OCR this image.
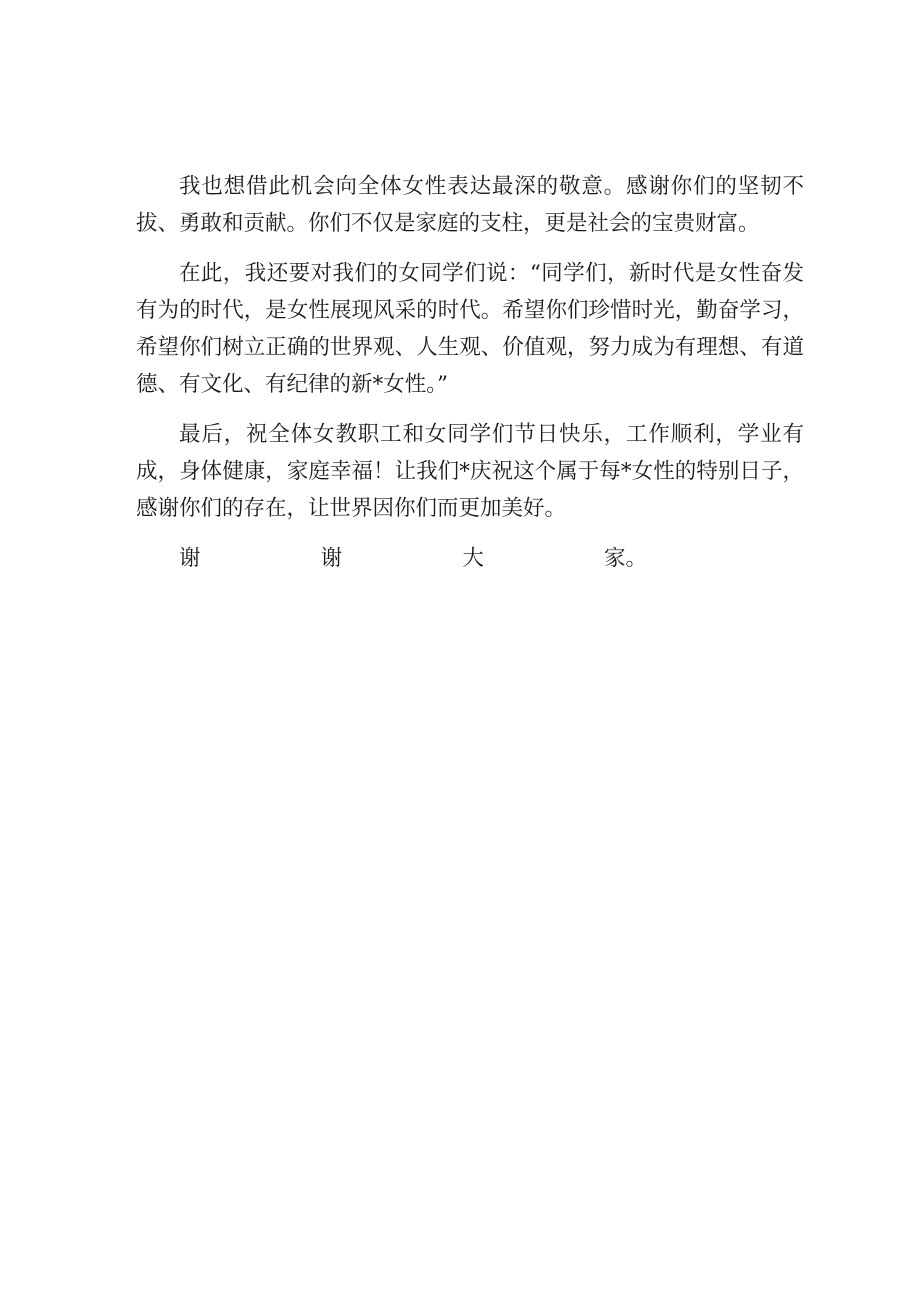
我也想借此机会向全体女性表达最深的敬意。感谢你们的坚韧不拔、勇敢和贡献。你们不仅是家庭的支柱，更是社会的宝贵财富。

在此，我还要对我们的女同学们说：“同学们，新时代是女性奋发有为的时代，是女性展现风采的时代。希望你们珍惜时光，勤奋学习，希望你们树立正确的世界观、人生观、价值观，努力成为有理想、有道德、有文化、有纪律的新*女性。”

最后，祝全体女教职工和女同学们节日快乐，工作顺利，学业有成，身体健康，家庭幸福！让我们*庆祝这个属于每*女性的特别日子，感谢你们的存在，让世界因你们而更加美好。

谢	谢	大	家。
